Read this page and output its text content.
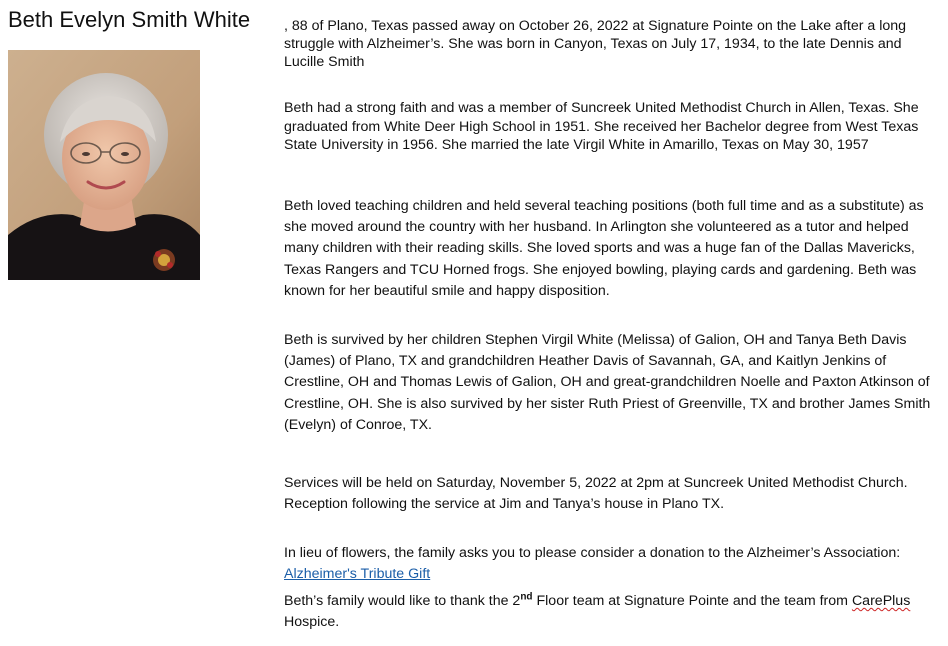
Beth Evelyn Smith White , 88 of Plano, Texas passed away on October 26, 2022 at Signature Pointe on the Lake after a long struggle with Alzheimer’s. She was born in Canyon, Texas on July 17, 1934, to the late Dennis and Lucille Smith
Beth had a strong faith and was a member of Suncreek United Methodist Church in Allen, Texas. She graduated from White Deer High School in 1951. She received her Bachelor degree from West Texas State University in 1956. She married the late Virgil White in Amarillo, Texas on May 30, 1957
Beth loved teaching children and held several teaching positions (both full time and as a substitute) as she moved around the country with her husband. In Arlington she volunteered as a tutor and helped many children with their reading skills. She loved sports and was a huge fan of the Dallas Mavericks, Texas Rangers and TCU Horned frogs. She enjoyed bowling, playing cards and gardening. Beth was known for her beautiful smile and happy disposition.
Beth is survived by her children Stephen Virgil White (Melissa) of Galion, OH and Tanya Beth Davis (James) of Plano, TX and grandchildren Heather Davis of Savannah, GA, and Kaitlyn Jenkins of Crestline, OH and Thomas Lewis of Galion, OH and great-grandchildren Noelle and Paxton Atkinson of Crestline, OH. She is also survived by her sister Ruth Priest of Greenville, TX and brother James Smith (Evelyn) of Conroe, TX.
Services will be held on Saturday, November 5, 2022 at 2pm at Suncreek United Methodist Church. Reception following the service at Jim and Tanya’s house in Plano TX.
In lieu of flowers, the family asks you to please consider a donation to the Alzheimer’s Association: Alzheimer's Tribute Gift
Beth’s family would like to thank the 2nd Floor team at Signature Pointe and the team from CarePlus Hospice.
